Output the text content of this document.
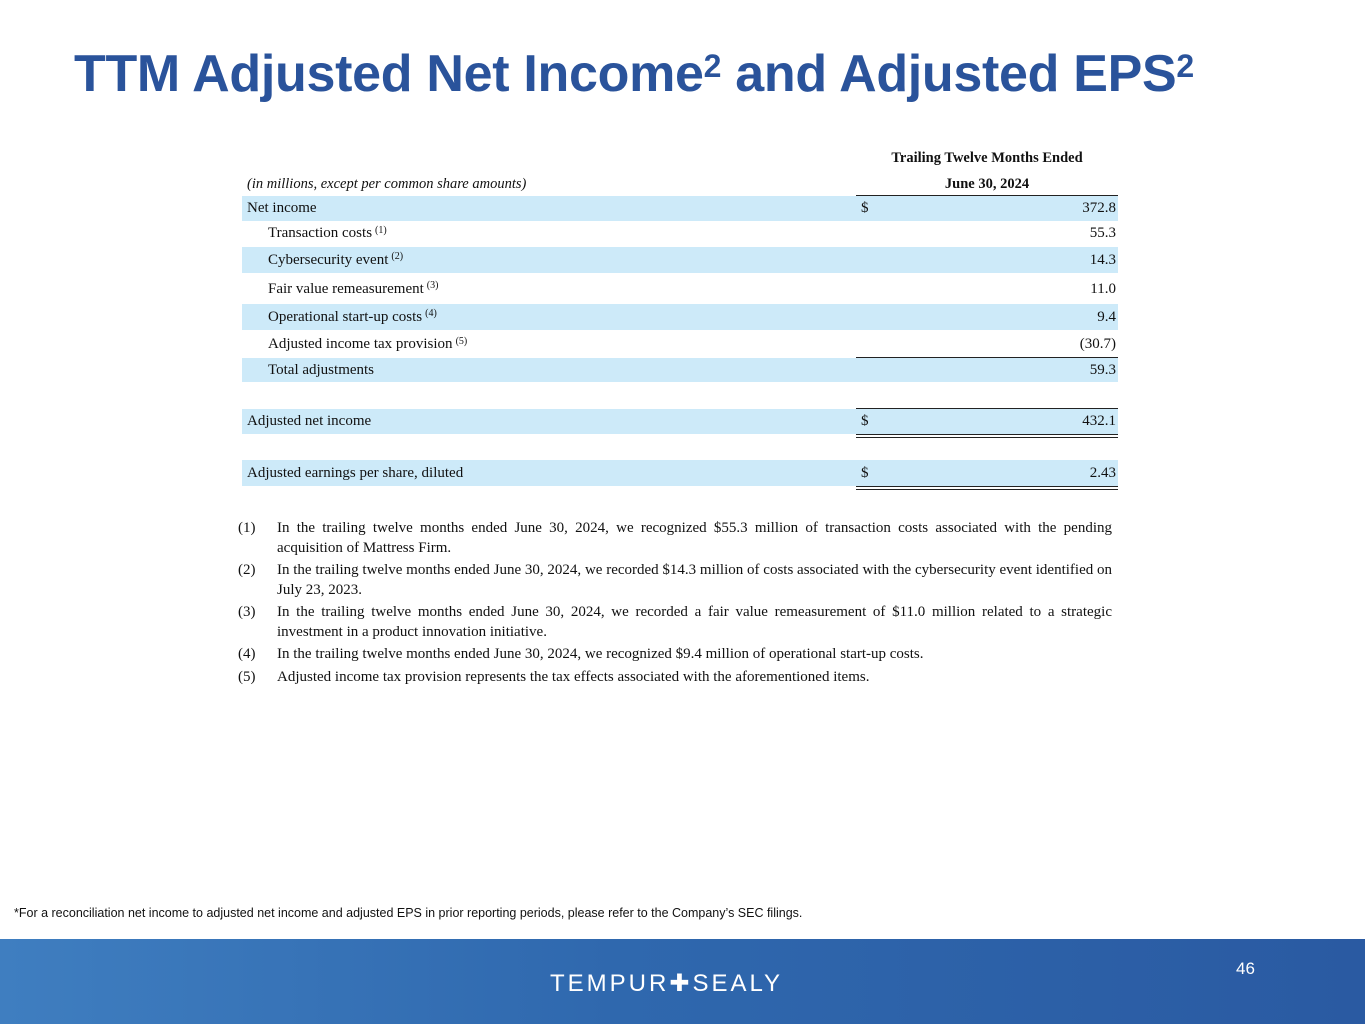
TTM Adjusted Net Income$^2$ and Adjusted EPS$^2$
Trailing Twelve Months Ended
June 30, 2024
(in millions, except per common share amounts)
Net income	$	372.8
Transaction costs $^{(1)}$	55.3
Cybersecurity event $^{(2)}$	14.3
Fair value remeasurement $^{(3)}$	11.0
Operational start-up costs $^{(4)}$	9.4
Adjusted income tax provision $^{(5)}$	(30.7)
Total adjustments	59.3
Adjusted net income	$	432.1
Adjusted earnings per share, diluted	$	2.43
(1) In the trailing twelve months ended June 30, 2024, we recognized $55.3 million of transaction costs associated with the pending acquisition of Mattress Firm.
(2) In the trailing twelve months ended June 30, 2024, we recorded $14.3 million of costs associated with the cybersecurity event identified on July 23, 2023.
(3) In the trailing twelve months ended June 30, 2024, we recorded a fair value remeasurement of $11.0 million related to a strategic investment in a product innovation initiative.
(4) In the trailing twelve months ended June 30, 2024, we recognized $9.4 million of operational start-up costs.
(5) Adjusted income tax provision represents the tax effects associated with the aforementioned items.
*For a reconciliation net income to adjusted net income and adjusted EPS in prior reporting periods, please refer to the Company’s SEC filings.
TEMPUR✚SEALY
46
